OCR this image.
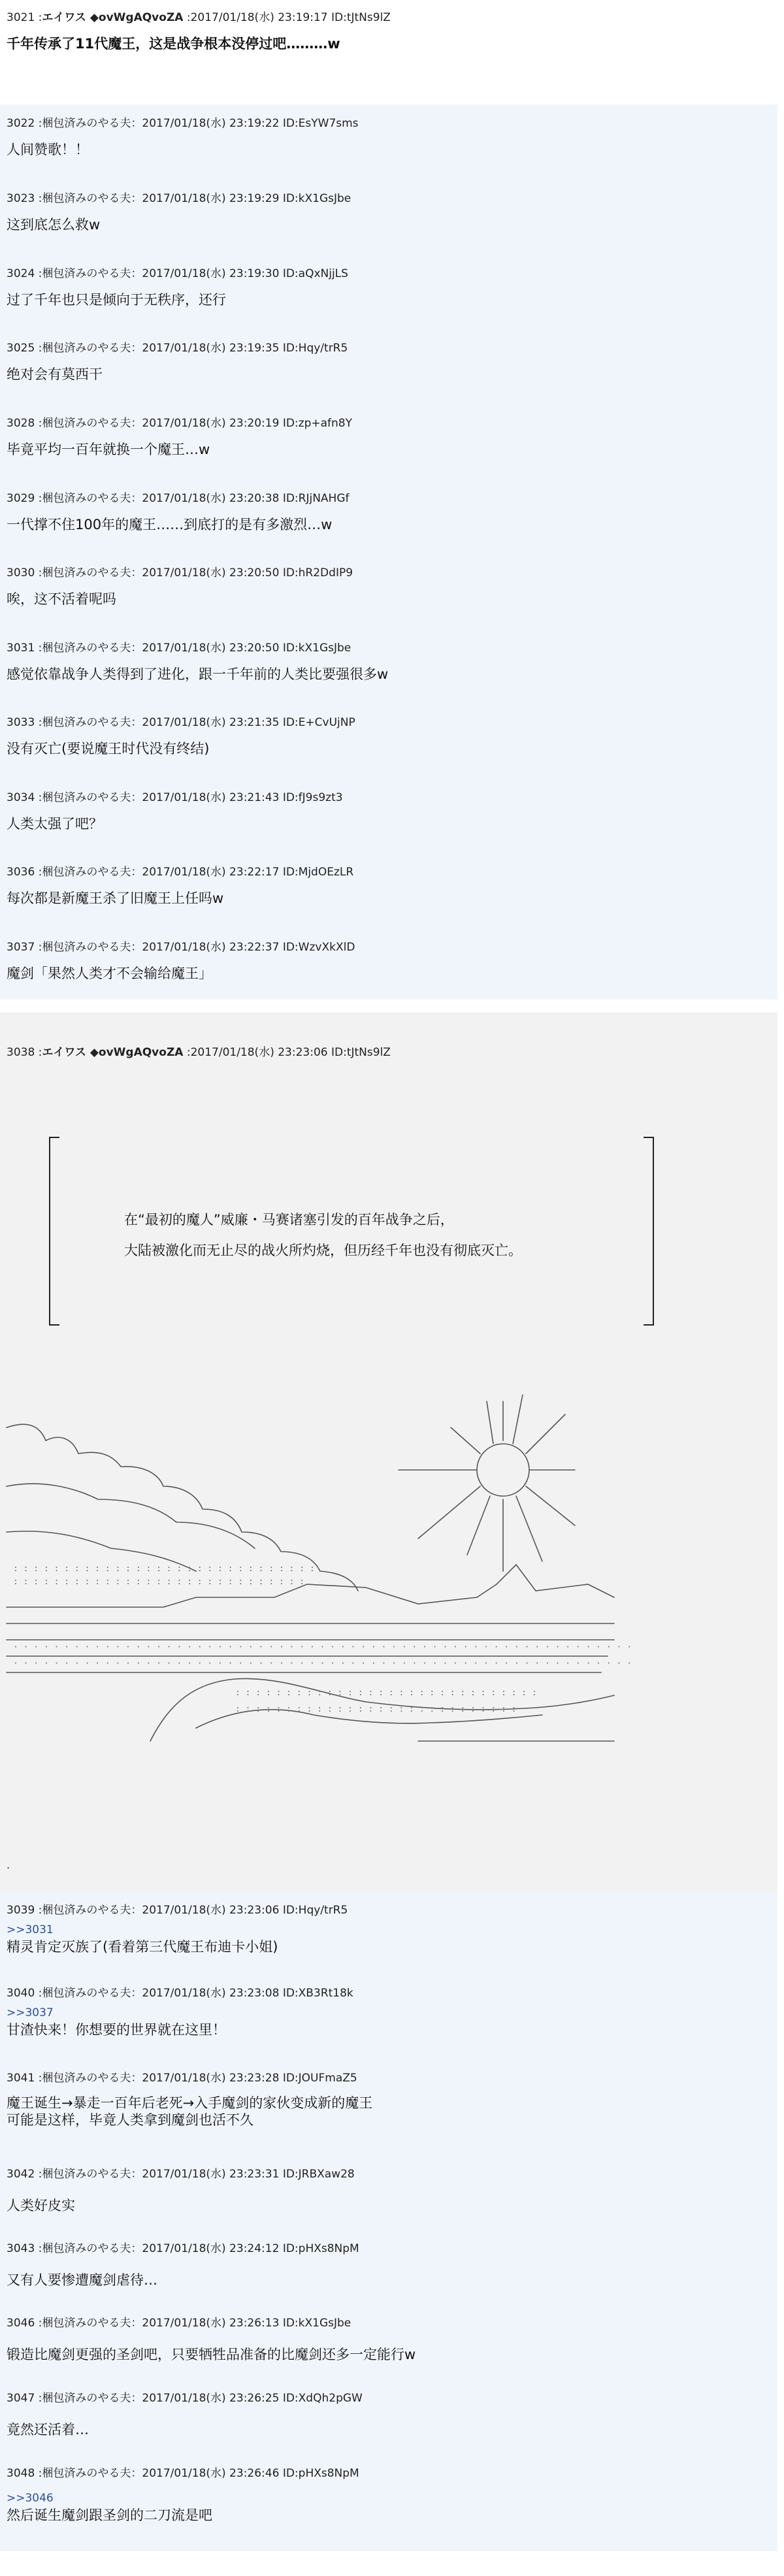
3021 :エイワス ◆ovWgAQvoZA :2017/01/18(水) 23:19:17 ID:tJtNs9lZ
千年传承了11代魔王，这是战争根本没停过吧………w
3022 :梱包済みのやる夫：2017/01/18(水) 23:19:22 ID:EsYW7sms
人间赞歌！！
3023 :梱包済みのやる夫：2017/01/18(水) 23:19:29 ID:kX1GsJbe
这到底怎么救w
3024 :梱包済みのやる夫：2017/01/18(水) 23:19:30 ID:aQxNjjLS
过了千年也只是倾向于无秩序，还行
3025 :梱包済みのやる夫：2017/01/18(水) 23:19:35 ID:Hqy/trR5
绝对会有莫西干
3028 :梱包済みのやる夫：2017/01/18(水) 23:20:19 ID:zp+afn8Y
毕竟平均一百年就换一个魔王…w
3029 :梱包済みのやる夫：2017/01/18(水) 23:20:38 ID:RJjNAHGf
一代撑不住100年的魔王……到底打的是有多激烈…w
3030 :梱包済みのやる夫：2017/01/18(水) 23:20:50 ID:hR2DdIP9
唉，这不活着呢吗
3031 :梱包済みのやる夫：2017/01/18(水) 23:20:50 ID:kX1GsJbe
感觉依靠战争人类得到了进化，跟一千年前的人类比要强很多w
3033 :梱包済みのやる夫：2017/01/18(水) 23:21:35 ID:E+CvUjNP
没有灭亡(要说魔王时代没有终结)
3034 :梱包済みのやる夫：2017/01/18(水) 23:21:43 ID:fJ9s9zt3
人类太强了吧？
3036 :梱包済みのやる夫：2017/01/18(水) 23:22:17 ID:MjdOEzLR
每次都是新魔王杀了旧魔王上任吗w
3037 :梱包済みのやる夫：2017/01/18(水) 23:22:37 ID:WzvXkXlD
魔剑「果然人类才不会输给魔王」
3038 :エイワス ◆ovWgAQvoZA :2017/01/18(水) 23:23:06 ID:tJtNs9lZ
在“最初的魔人”威廉・马赛诸塞引发的百年战争之后，
大陆被激化而无止尽的战火所灼烧，但历经千年也没有彻底灭亡。
: : : : : : : : : : : : : : : : : : : : : : : : : : : : : :
: : : : : : : : : : : : : : : : : : : : : : : : : : : : :
· · · · · · · · · · · · · · · · · · · · · · · · · · · · · · · · · · · · · · · · · · · · · · · · · · · · · · · · · · · · ·
· · · · · · · · · · · · · · · · · · · · · · · · · · · · · · · · · · · · · · · · · · · · · · · · · · · · · · · · · · · · ·
: : : : : : : : : : : : : : : : : : : : : : : : : : : : : :
: : : : : : : : : : : : : : : : : : : : : : : : : : : :
.
3039 :梱包済みのやる夫：2017/01/18(水) 23:23:06 ID:Hqy/trR5
>>3031
精灵肯定灭族了(看着第三代魔王布迪卡小姐)
3040 :梱包済みのやる夫：2017/01/18(水) 23:23:08 ID:XB3Rt18k
>>3037
甘渣快来！你想要的世界就在这里！
3041 :梱包済みのやる夫：2017/01/18(水) 23:23:28 ID:JOUFmaZ5
魔王诞生→暴走一百年后老死→入手魔剑的家伙变成新的魔王
可能是这样，毕竟人类拿到魔剑也活不久
3042 :梱包済みのやる夫：2017/01/18(水) 23:23:31 ID:JRBXaw28
人类好皮实
3043 :梱包済みのやる夫：2017/01/18(水) 23:24:12 ID:pHXs8NpM
又有人要惨遭魔剑虐待…
3046 :梱包済みのやる夫：2017/01/18(水) 23:26:13 ID:kX1GsJbe
锻造比魔剑更强的圣剑吧，只要牺牲品准备的比魔剑还多一定能行w
3047 :梱包済みのやる夫：2017/01/18(水) 23:26:25 ID:XdQh2pGW
竟然还活着…
3048 :梱包済みのやる夫：2017/01/18(水) 23:26:46 ID:pHXs8NpM
>>3046
然后诞生魔剑跟圣剑的二刀流是吧
